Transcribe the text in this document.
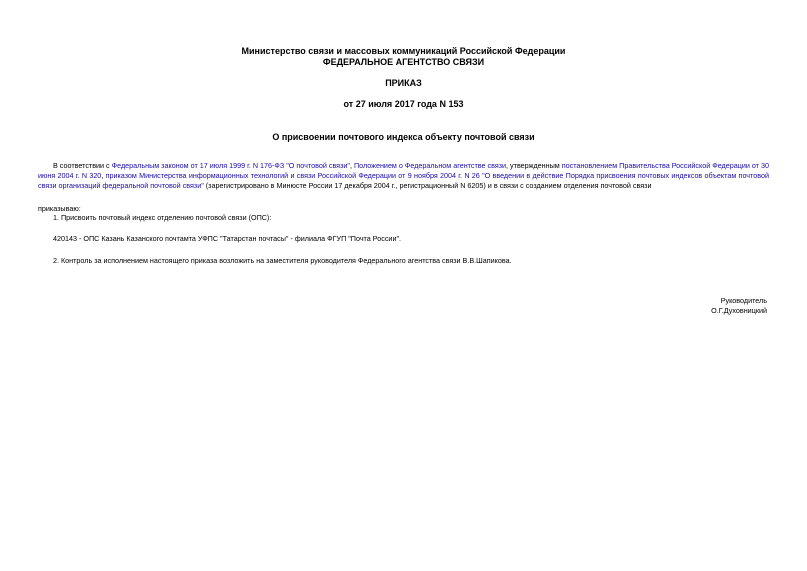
Министерство связи и массовых коммуникаций Российской Федерации
ФЕДЕРАЛЬНОЕ АГЕНТСТВО СВЯЗИ
ПРИКАЗ
от 27 июля 2017 года N 153
О присвоении почтового индекса объекту почтовой связи
В соответствии с Федеральным законом от 17 июля 1999 г. N 176-ФЗ "О почтовой связи", Положением о Федеральном агентстве связи, утвержденным постановлением Правительства Российской Федерации от 30 июня 2004 г. N 320, приказом Министерства информационных технологий и связи Российской Федерации от 9 ноября 2004 г. N 26 "О введении в действие Порядка присвоения почтовых индексов объектам почтовой связи организаций федеральной почтовой связи" (зарегистрировано в Минюсте России 17 декабря 2004 г., регистрационный N 6205) и в связи с созданием отделения почтовой связи
приказываю:
1. Присвоить почтовый индекс отделению почтовой связи (ОПС):
420143 - ОПС Казань Казанского почтамта УФПС "Татарстан почтасы" - филиала ФГУП "Почта России".
2. Контроль за исполнением настоящего приказа возложить на заместителя руководителя Федерального агентства связи В.В.Шапикова.
Руководитель
О.Г.Духовницкий
